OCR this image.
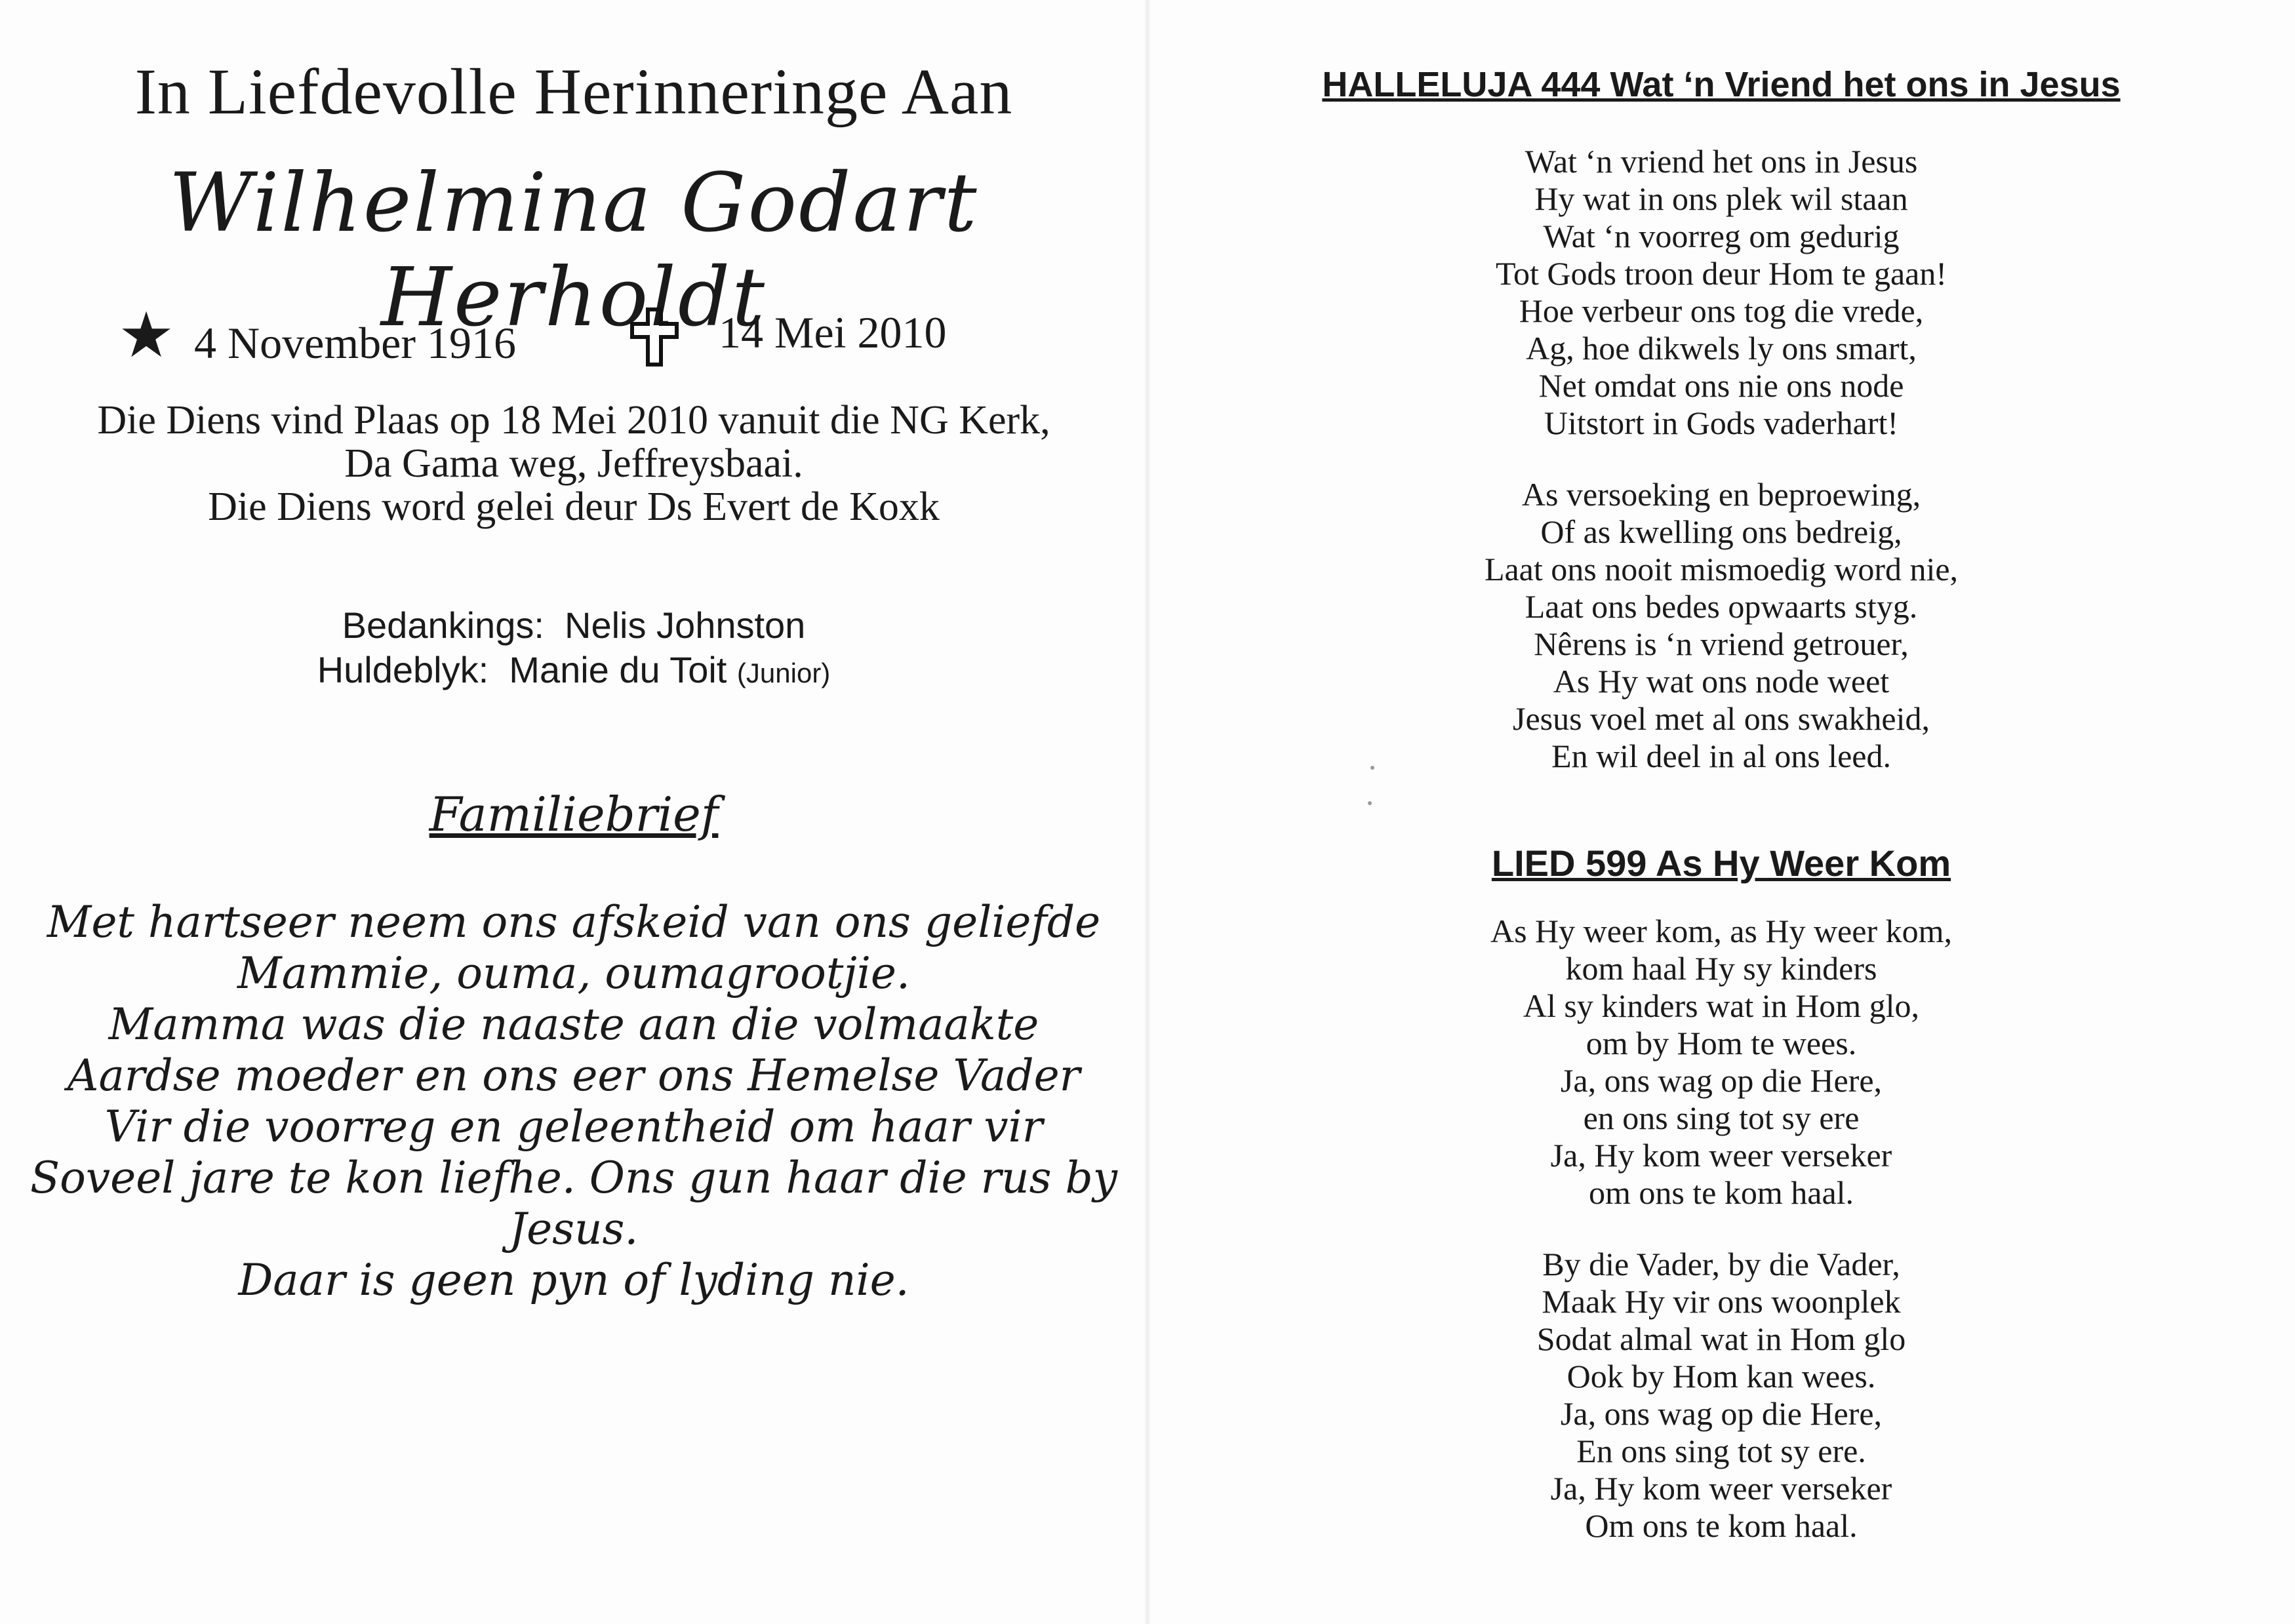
In Liefdevolle Herinneringe Aan
Wilhelmina Godart Herholdt
★ 4 November 1916	14 Mei 2010
Die Diens vind Plaas op 18 Mei 2010 vanuit die NG Kerk,
Da Gama weg, Jeffreysbaai.
Die Diens word gelei deur Ds Evert de Koxk
Bedankings: Nelis Johnston
Huldeblyk: Manie du Toit (Junior)
Familiebrief
Met hartseer neem ons afskeid van ons geliefde
Mammie, ouma, oumagrootjie.
Mamma was die naaste aan die volmaakte
Aardse moeder en ons eer ons Hemelse Vader
Vir die voorreg en geleentheid om haar vir
Soveel jare te kon liefhe. Ons gun haar die rus by
Jesus.
Daar is geen pyn of lyding nie.
HALLELUJA 444 Wat ‘n Vriend het ons in Jesus
Wat ‘n vriend het ons in Jesus
Hy wat in ons plek wil staan
Wat ‘n voorreg om gedurig
Tot Gods troon deur Hom te gaan!
Hoe verbeur ons tog die vrede,
Ag, hoe dikwels ly ons smart,
Net omdat ons nie ons node
Uitstort in Gods vaderhart!
As versoeking en beproewing,
Of as kwelling ons bedreig,
Laat ons nooit mismoedig word nie,
Laat ons bedes opwaarts styg.
Nêrens is ‘n vriend getrouer,
As Hy wat ons node weet
Jesus voel met al ons swakheid,
En wil deel in al ons leed.
LIED 599 As Hy Weer Kom
As Hy weer kom, as Hy weer kom,
kom haal Hy sy kinders
Al sy kinders wat in Hom glo,
om by Hom te wees.
Ja, ons wag op die Here,
en ons sing tot sy ere
Ja, Hy kom weer verseker
om ons te kom haal.
By die Vader, by die Vader,
Maak Hy vir ons woonplek
Sodat almal wat in Hom glo
Ook by Hom kan wees.
Ja, ons wag op die Here,
En ons sing tot sy ere.
Ja, Hy kom weer verseker
Om ons te kom haal.
